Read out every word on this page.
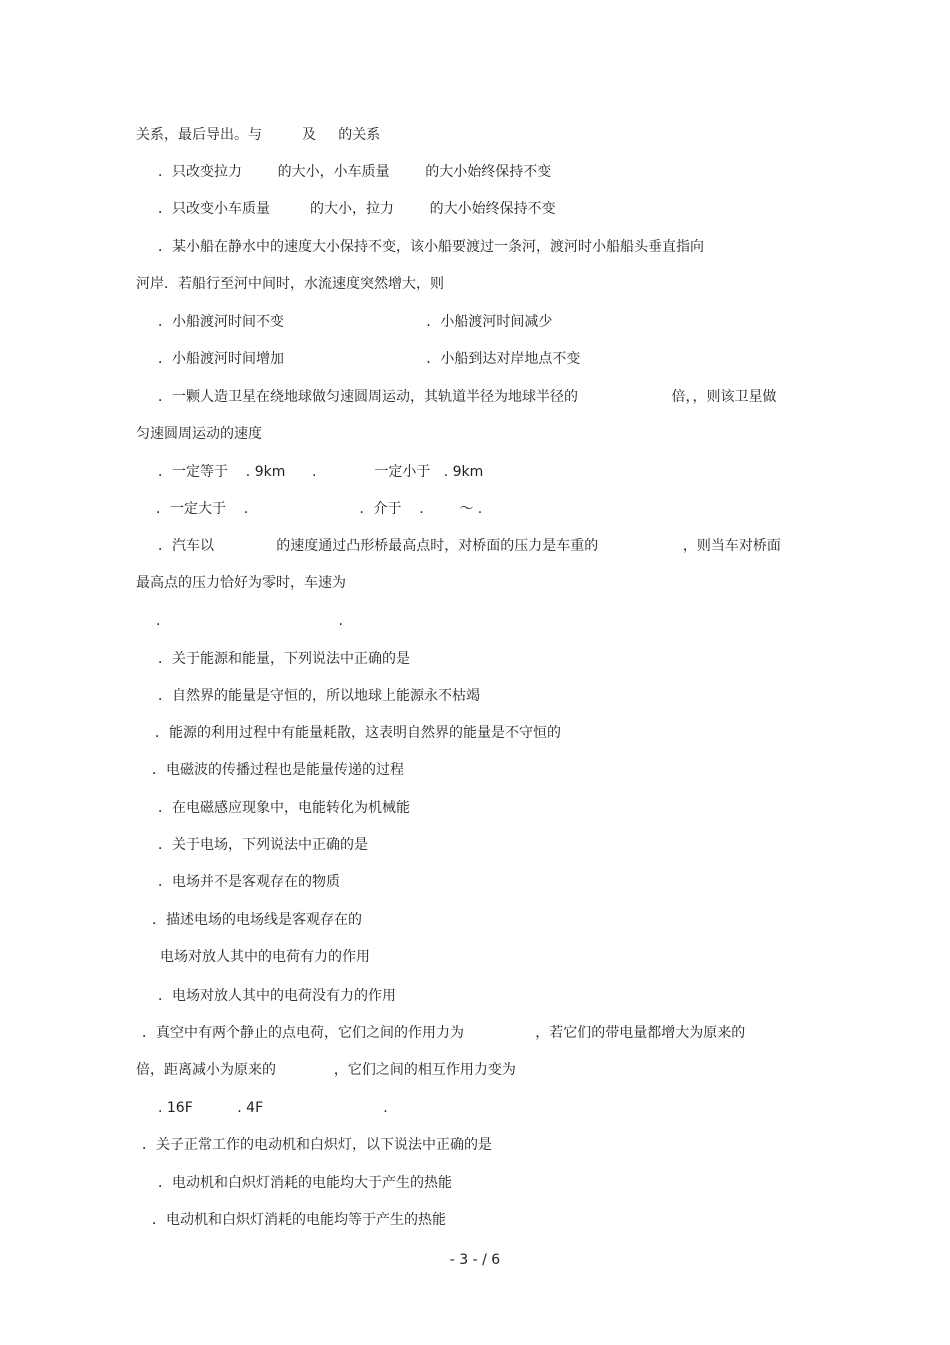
关系，最后导出。与         及     的关系
．只改变拉力        的大小，小车质量        的大小始终保持不变
．只改变小车质量         的大小，拉力        的大小始终保持不变
．某小船在静水中的速度大小保持不变，该小船要渡过一条河，渡河时小船船头垂直指向
河岸．若船行至河中间时，水流速度突然增大，则
．小船渡河时间不变                                ．小船渡河时间减少
．小船渡河时间增加                                ．小船到达对岸地点不变
．一颗人造卫星在绕地球做匀速圆周运动，其轨道半径为地球半径的                     倍，，则该卫星做
匀速圆周运动的速度
．一定等于    . 9km      .             一定小于   . 9km
．一定大于    .                         ．介于    .        ～ .
．汽车以              的速度通过凸形桥最高点时，对桥面的压力是车重的                   ，则当车对桥面
最高点的压力恰好为零时，车速为
.                                        .
．关于能源和能量，下列说法中正确的是
．自然界的能量是守恒的，所以地球上能源永不枯竭
．能源的利用过程中有能量耗散，这表明自然界的能量是不守恒的
．电磁波的传播过程也是能量传递的过程
．在电磁感应现象中，电能转化为机械能
．关于电场，下列说法中正确的是
．电场并不是客观存在的物质
．描述电场的电场线是客观存在的
电场对放人其中的电荷有力的作用
．电场对放人其中的电荷没有力的作用
．真空中有两个静止的点电荷，它们之间的作用力为                ，若它们的带电量都增大为原来的
倍，距离减小为原来的             ，它们之间的相互作用力变为
. 16F          . 4F                           .
．关子正常工作的电动机和白炽灯，以下说法中正确的是
．电动机和白炽灯消耗的电能均大于产生的热能
．电动机和白炽灯消耗的电能均等于产生的热能
- 3 - / 6
